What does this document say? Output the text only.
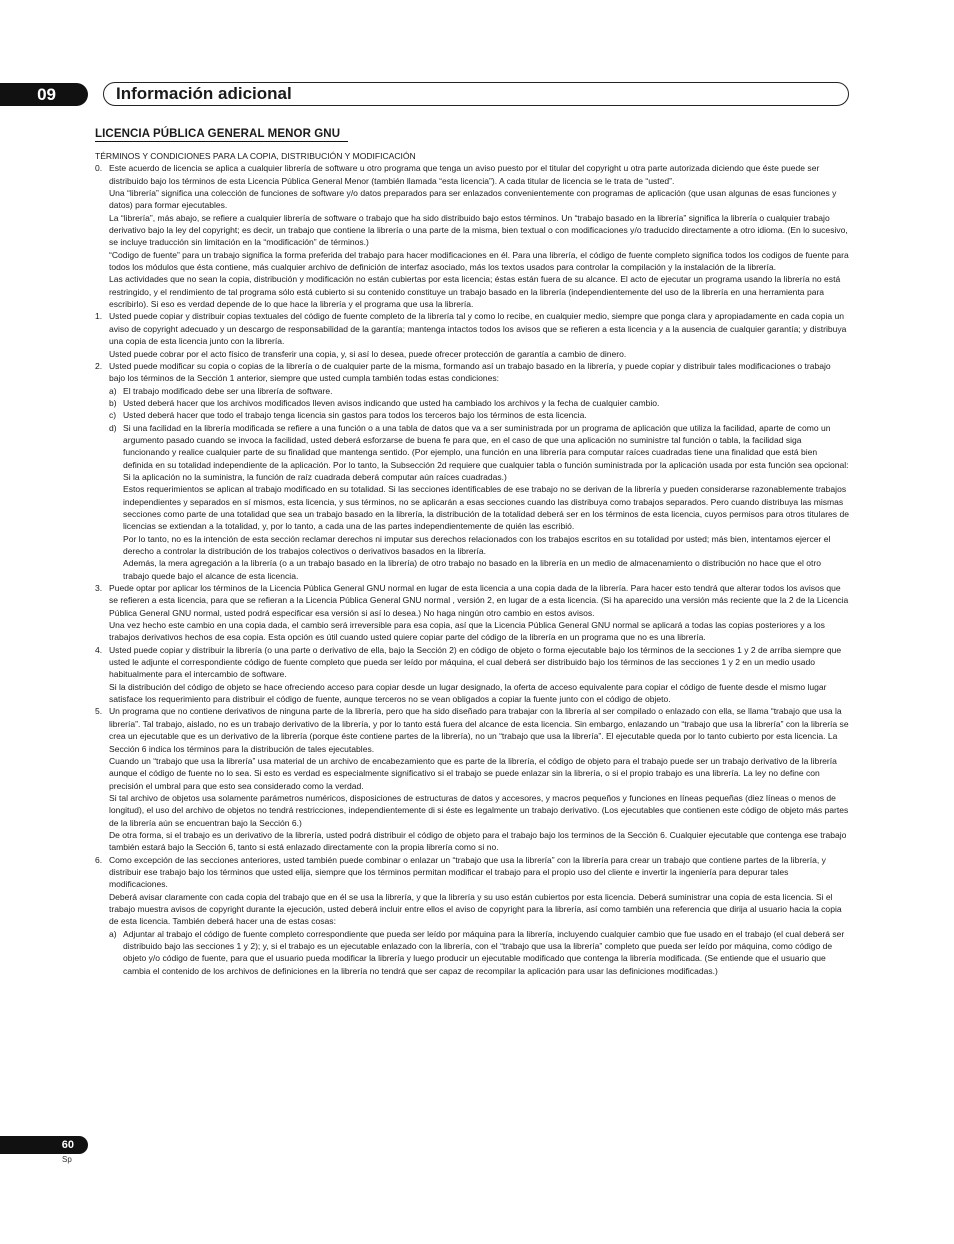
09	Información adicional
LICENCIA PÚBLICA GENERAL MENOR GNU

TÉRMINOS Y CONDICIONES PARA LA COPIA, DISTRIBUCIÓN Y MODIFICACIÓN

0. Este acuerdo de licencia se aplica a cualquier librería de software u otro programa que tenga un aviso puesto por el titular del copyright u otra parte autorizada diciendo que éste puede ser distribuido bajo los términos de esta Licencia Pública General Menor (también llamada “esta licencia”). A cada titular de licencia se le trata de “usted”.

Una “librería” significa una colección de funciones de software y/o datos preparados para ser enlazados convenientemente con programas de aplicación (que usan algunas de esas funciones y datos) para formar ejecutables.

La “librería”, más abajo, se refiere a cualquier librería de software o trabajo que ha sido distribuido bajo estos términos. Un “trabajo basado en la librería” significa la librería o cualquier trabajo derivativo bajo la ley del copyright; es decir, un trabajo que contiene la librería o una parte de la misma, bien textual o con modificaciones y/o traducido directamente a otro idioma. (En lo sucesivo, se incluye traducción sin limitación en la “modificación” de términos.)

“Codigo de fuente” para un trabajo significa la forma preferida del trabajo para hacer modificaciones en él. Para una librería, el código de fuente completo significa todos los codigos de fuente para todos los módulos que ésta contiene, más cualquier archivo de definición de interfaz asociado, más los textos usados para controlar la compilación y la instalación de la librería.

Las actividades que no sean la copia, distribución y modificación no están cubiertas por esta licencia; éstas están fuera de su alcance. El acto de ejecutar un programa usando la librería no está restringido, y el rendimiento de tal programa sólo está cubierto si su contenido constituye un trabajo basado en la librería (independientemente del uso de la librería en una herramienta para escribirlo). Si eso es verdad depende de lo que hace la librería y el programa que usa la librería.

1. Usted puede copiar y distribuir copias textuales del código de fuente completo de la librería tal y como lo recibe, en cualquier medio, siempre que ponga clara y apropiadamente en cada copia un aviso de copyright adecuado y un descargo de responsabilidad de la garantía; mantenga intactos todos los avisos que se refieren a esta licencia y a la ausencia de cualquier garantía; y distribuya una copia de esta licencia junto con la librería.

Usted puede cobrar por el acto físico de transferir una copia, y, si así lo desea, puede ofrecer protección de garantía a cambio de dinero.

2. Usted puede modificar su copia o copias de la librería o de cualquier parte de la misma, formando así un trabajo basado en la librería, y puede copiar y distribuir tales modificaciones o trabajo bajo los términos de la Sección 1 anterior, siempre que usted cumpla también todas estas condiciones:

a) El trabajo modificado debe ser una librería de software.

b) Usted deberá hacer que los archivos modificados lleven avisos indicando que usted ha cambiado los archivos y la fecha de cualquier cambio.

c) Usted deberá hacer que todo el trabajo tenga licencia sin gastos para todos los terceros bajo los términos de esta licencia.

d) Si una facilidad en la librería modificada se refiere a una función o a una tabla de datos que va a ser suministrada por un programa de aplicación que utiliza la facilidad, aparte de como un argumento pasado cuando se invoca la facilidad, usted deberá esforzarse de buena fe para que, en el caso de que una aplicación no suministre tal función o tabla, la facilidad siga funcionando y realice cualquier parte de su finalidad que mantenga sentido. (Por ejemplo, una función en una librería para computar raíces cuadradas tiene una finalidad que está bien definida en su totalidad independiente de la aplicación. Por lo tanto, la Subsección 2d requiere que cualquier tabla o función suministrada por la aplicación usada por esta función sea opcional: Si la aplicación no la suministra, la función de raíz cuadrada deberá computar aún raíces cuadradas.)

Estos requerimientos se aplican al trabajo modificado en su totalidad. Si las secciones identificables de ese trabajo no se derivan de la librería y pueden considerarse razonablemente trabajos independientes y separados en sí mismos, esta licencia, y sus términos, no se aplicarán a esas secciones cuando las distribuya como trabajos separados. Pero cuando distribuya las mismas secciones como parte de una totalidad que sea un trabajo basado en la librería, la distribución de la totalidad deberá ser en los términos de esta licencia, cuyos permisos para otros titulares de licencias se extiendan a la totalidad, y, por lo tanto, a cada una de las partes independientemente de quién las escribió.

Por lo tanto, no es la intención de esta sección reclamar derechos ni imputar sus derechos relacionados con los trabajos escritos en su totalidad por usted; más bien, intentamos ejercer el derecho a controlar la distribución de los trabajos colectivos o derivativos basados en la librería.

Además, la mera agregación a la librería (o a un trabajo basado en la librería) de otro trabajo no basado en la librería en un medio de almacenamiento o distribución no hace que el otro trabajo quede bajo el alcance de esta licencia.

3. Puede optar por aplicar los términos de la Licencia Pública General GNU normal en lugar de esta licencia a una copia dada de la librería. Para hacer esto tendrá que alterar todos los avisos que se refieren a esta licencia, para que se refieran a la Licencia Pública General GNU normal , versión 2, en lugar de a esta licencia. (Si ha aparecido una versión más reciente que la 2 de la Licencia Pública General GNU normal, usted podrá especificar esa versión si así lo desea.) No haga ningún otro cambio en estos avisos.

Una vez hecho este cambio en una copia dada, el cambio será irreversible para esa copia, así que la Licencia Pública General GNU normal se aplicará a todas las copias posteriores y a los trabajos derivativos hechos de esa copia. Esta opción es útil cuando usted quiere copiar parte del código de la librería en un programa que no es una librería.

4. Usted puede copiar y distribuir la librería (o una parte o derivativo de ella, bajo la Sección 2) en código de objeto o forma ejecutable bajo los términos de la secciones 1 y 2 de arriba siempre que usted le adjunte el correspondiente código de fuente completo que pueda ser leído por máquina, el cual deberá ser distribuido bajo los términos de las secciones 1 y 2 en un medio usado habitualmente para el intercambio de software.

Si la distribución del código de objeto se hace ofreciendo acceso para copiar desde un lugar designado, la oferta de acceso equivalente para copiar el código de fuente desde el mismo lugar satisface los requerimiento para distribuir el código de fuente, aunque terceros no se vean obligados a copiar la fuente junto con el código de objeto.

5. Un programa que no contiene derivativos de ninguna parte de la librería, pero que ha sido diseñado para trabajar con la librería al ser compilado o enlazado con ella, se llama “trabajo que usa la librería”. Tal trabajo, aislado, no es un trabajo derivativo de la librería, y por lo tanto está fuera del alcance de esta licencia. Sin embargo, enlazando un “trabajo que usa la librería” con la librería se crea un ejecutable que es un derivativo de la librería (porque éste contiene partes de la librería), no un “trabajo que usa la librería”. El ejecutable queda por lo tanto cubierto por esta licencia. La Sección 6 indica los términos para la distribución de tales ejecutables.

Cuando un “trabajo que usa la librería” usa material de un archivo de encabezamiento que es parte de la librería, el código de objeto para el trabajo puede ser un trabajo derivativo de la librería aunque el código de fuente no lo sea. Si esto es verdad es especialmente significativo si el trabajo se puede enlazar sin la librería, o si el propio trabajo es una librería. La ley no define con precisión el umbral para que esto sea considerado como la verdad.

Si tal archivo de objetos usa solamente parámetros numéricos, disposiciones de estructuras de datos y accesores, y macros pequeños y funciones en líneas pequeñas (diez líneas o menos de longitud), el uso del archivo de objetos no tendrá restricciones, independientemente di si éste es legalmente un trabajo derivativo. (Los ejecutables que contienen este código de objeto más partes de la librería aún se encuentran bajo la Sección 6.)

De otra forma, si el trabajo es un derivativo de la librería, usted podrá distribuir el código de objeto para el trabajo bajo los terminos de la Sección 6. Cualquier ejecutable que contenga ese trabajo también estará bajo la Sección 6, tanto si está enlazado directamente con la propia librería como si no.

6. Como excepción de las secciones anteriores, usted también puede combinar o enlazar un “trabajo que usa la librería” con la librería para crear un trabajo que contiene partes de la librería, y distribuir ese trabajo bajo los términos que usted elija, siempre que los términos permitan modificar el trabajo para el propio uso del cliente e invertir la ingeniería para depurar tales modificaciones.

Deberá avisar claramente con cada copia del trabajo que en él se usa la librería, y que la librería y su uso están cubiertos por esta licencia. Deberá suministrar una copia de esta licencia. Si el trabajo muestra avisos de copyright durante la ejecución, usted deberá incluir entre ellos el aviso de copyright para la librería, así como también una referencia que dirija al usuario hacia la copia de esta licencia. También deberá hacer una de estas cosas:

a) Adjuntar al trabajo el código de fuente completo correspondiente que pueda ser leído por máquina para la librería, incluyendo cualquier cambio que fue usado en el trabajo (el cual deberá ser distribuido bajo las secciones 1 y 2); y, si el trabajo es un ejecutable enlazado con la librería, con el “trabajo que usa la librería” completo que pueda ser leído por máquina, como código de objeto y/o código de fuente, para que el usuario pueda modificar la librería y luego producir un ejecutable modificado que contenga la librería modificada. (Se entiende que el usuario que cambia el contenido de los archivos de definiciones en la librería no tendrá que ser capaz de recompilar la aplicación para usar las definiciones modificadas.)

60
Sp
